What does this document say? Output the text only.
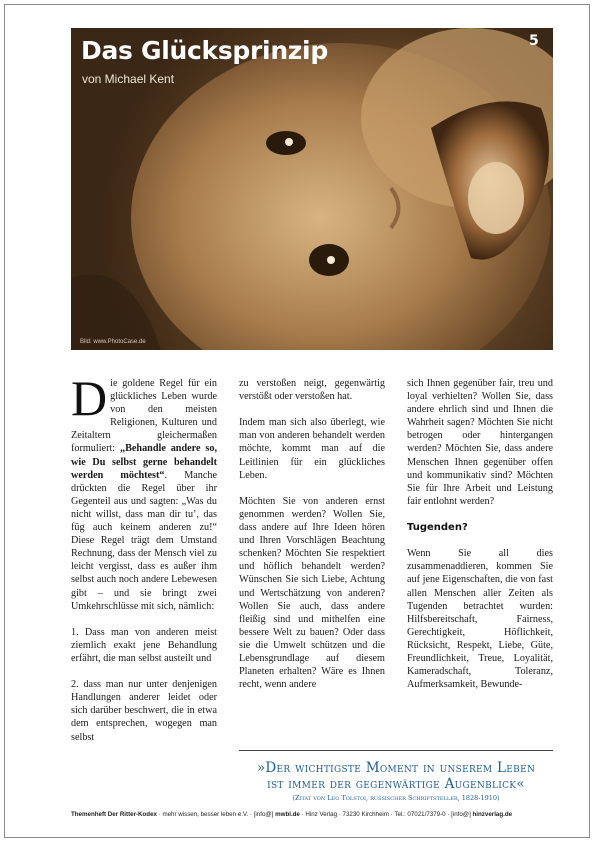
Das Glücksprinzip
von Michael Kent
5
Bild: www.PhotoCase.de

Die goldene Regel für ein glückliches Leben wurde von den meisten Religionen, Kulturen und Zeitaltern gleichermaßen formuliert: „Behandle andere so, wie Du selbst gerne behandelt werden möchtest“. Manche drückten die Regel über ihr Gegenteil aus und sagten: „Was du nicht willst, dass man dir tu’, das füg auch keinem anderen zu!“ Diese Regel trägt dem Umstand Rechnung, dass der Mensch viel zu leicht vergisst, dass es außer ihm selbst auch noch andere Lebewesen gibt – und sie bringt zwei Umkehrschlüsse mit sich, nämlich:

1. Dass man von anderen meist ziemlich exakt jene Behandlung erfährt, die man selbst austeilt und

2. dass man nur unter denjenigen Handlungen anderer leidet oder sich darüber beschwert, die in etwa dem entsprechen, wogegen man selbst

zu verstoßen neigt, gegenwärtig verstößt oder verstoßen hat.

Indem man sich also überlegt, wie man von anderen behandelt werden möchte, kommt man auf die Leitlinien für ein glückliches Leben.

Möchten Sie von anderen ernst genommen werden? Wollen Sie, dass andere auf Ihre Ideen hören und Ihren Vorschlägen Beachtung schenken? Möchten Sie respektiert und höflich behandelt werden? Wünschen Sie sich Liebe, Achtung und Wertschätzung von anderen? Wollen Sie auch, dass andere fleißig sind und mithelfen eine bessere Welt zu bauen? Oder dass sie die Umwelt schützen und die Lebensgrundlage auf diesem Planeten erhalten? Wäre es Ihnen recht, wenn andere

sich Ihnen gegenüber fair, treu und loyal verhielten? Wollen Sie, dass andere ehrlich sind und Ihnen die Wahrheit sagen? Möchten Sie nicht betrogen oder hintergangen werden? Möchten Sie, dass andere Menschen Ihnen gegenüber offen und kommunikativ sind? Möchten Sie für Ihre Arbeit und Leistung fair entlohnt werden?

Tugenden?

Wenn Sie all dies zusammenaddieren, kommen Sie auf jene Eigenschaften, die von fast allen Menschen aller Zeiten als Tugenden betrachtet wurden: Hilfsbereitschaft, Fairness, Gerechtigkeit, Höflichkeit, Rücksicht, Respekt, Liebe, Güte, Freundlichkeit, Treue, Loyalität, Kameradschaft, Toleranz, Aufmerksamkeit, Bewunde-

»Der wichtigste Moment in unserem Leben
ist immer der gegenwärtige Augenblick«
(Zitat von Leo Tolstoi, russischer Schriftsteller, 1828-1910)
Themenheft Der Ritter-Kodex · mehr wissen, besser leben e.V. · [info@] mwbl.de · Hinz Verlag · 73230 Kirchheim · Tel.: 07021/7379-0 · [info@] hinzverlag.de
